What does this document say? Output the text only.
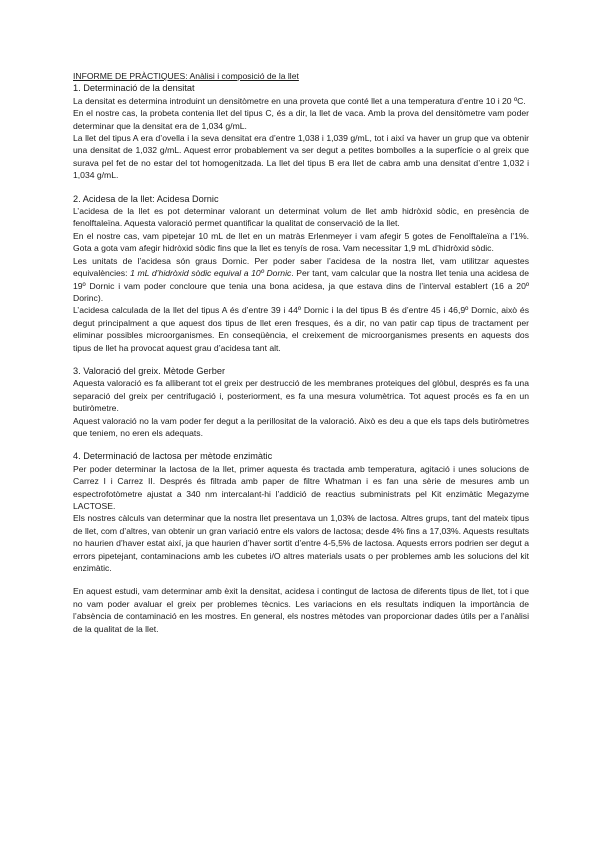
INFORME DE PRÀCTIQUES: Anàlisi i composició de la llet

1. Determinació de la densitat

La densitat es determina introduint un densitòmetre en una proveta que conté llet a una temperatura d’entre 10 i 20 ºC.

En el nostre cas, la probeta contenia llet del tipus C, és a dir, la llet de vaca. Amb la prova del densitòmetre vam poder determinar que la densitat era de 1,034 g/mL.

La llet del tipus A era d’ovella i la seva densitat era d’entre 1,038 i 1,039 g/mL, tot i així va haver un grup que va obtenir una densitat de 1,032 g/mL. Aquest error probablement va ser degut a petites bombolles a la superfície o al greix que surava pel fet de no estar del tot homogenitzada. La llet del tipus B era llet de cabra amb una densitat d’entre 1,032 i 1,034 g/mL.

2. Acidesa de la llet: Acidesa Dornic

L’acidesa de la llet es pot determinar valorant un determinat volum de llet amb hidròxid sòdic, en presència de fenolftaleïna. Aquesta valoració permet quantificar la qualitat de conservació de la llet.

En el nostre cas, vam pipetejar 10 mL de llet en un matràs Erlenmeyer i vam afegir 5 gotes de Fenolftaleïna a l’1%. Gota a gota vam afegir hidròxid sòdic fins que la llet es tenyís de rosa. Vam necessitar 1,9 mL d’hidròxid sòdic.

Les unitats de l’acidesa són graus Dornic. Per poder saber l’acidesa de la nostra llet, vam utilitzar aquestes equivalències: 1 mL d’hidròxid sòdic equival a 10º Dornic. Per tant, vam calcular que la nostra llet tenia una acidesa de 19º Dornic i vam poder concloure que tenia una bona acidesa, ja que estava dins de l’interval establert (16 a 20º Dorinc).

L’acidesa calculada de la llet del tipus A és d’entre 39 i 44º Dornic i la del tipus B és d’entre 45 i 46,9º Dornic, això és degut principalment a que aquest dos tipus de llet eren fresques, és a dir, no van patir cap tipus de tractament per eliminar possibles microorganismes. En conseqüència, el creixement de microorganismes presents en aquests dos tipus de llet ha provocat aquest grau d’acidesa tant alt.

3. Valoració del greix. Mètode Gerber

Aquesta valoració es fa alliberant tot el greix per destrucció de les membranes proteiques del glòbul, després es fa una separació del greix per centrifugació i, posteriorment, es fa una mesura volumètrica. Tot aquest procés es fa en un butiròmetre.

Aquest valoració no la vam poder fer degut a la perillositat de la valoració. Això es deu a que els taps dels butiròmetres que teniem, no eren els adequats.

4. Determinació de lactosa per mètode enzimàtic

Per poder determinar la lactosa de la llet, primer aquesta és tractada amb temperatura, agitació i unes solucions de Carrez I i Carrez II. Després és filtrada amb paper de filtre Whatman i es fan una sèrie de mesures amb un espectrofotòmetre ajustat a 340 nm intercalant-hi l’addició de reactius subministrats pel Kit enzimàtic Megazyme LACTOSE.

Els nostres càlculs van determinar que la nostra llet presentava un 1,03% de lactosa. Altres grups, tant del mateix tipus de llet, com d’altres, van obtenir un gran variació entre els valors de lactosa; desde 4% fins a 17,03%. Aquests resultats no haurien d’haver estat així, ja que haurien d’haver sortit d’entre 4-5,5% de lactosa. Aquests errors podrien ser degut a errors pipetejant, contaminacions amb les cubetes i/O altres materials usats o per problemes amb les solucions del kit enzimàtic.

En aquest estudi, vam determinar amb èxit la densitat, acidesa i contingut de lactosa de diferents tipus de llet, tot i que no vam poder avaluar el greix per problemes tècnics. Les variacions en els resultats indiquen la importància de l’absència de contaminació en les mostres. En general, els nostres mètodes van proporcionar dades útils per a l’anàlisi de la qualitat de la llet.
